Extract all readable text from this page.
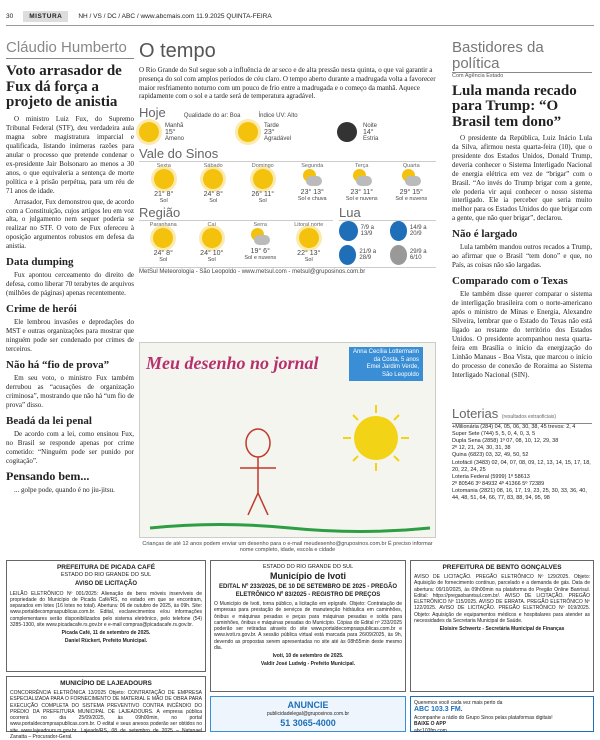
30	MISTURA	NH / VS / DC / ABC / www.abcmais.com 11.9.2025 QUINTA-FEIRA
Cláudio Humberto
Voto arrasador de Fux dá força a projeto de anistia

O ministro Luiz Fux, do Supremo Tribunal Federal (STF), deu verdadeira aula magna sobre magistratura imparcial e qualificada, listando inúmeras razões para anular o processo que pretende condenar o ex-presidente Jair Bolsonaro ao menos a 30 anos, o que equivaleria a sentença de morte política e à prisão perpétua, para um réu de 71 anos de idade.

Arrasador, Fux demonstrou que, de acordo com a Constituição, cujos artigos leu em voz alta, o julgamento nem sequer poderia se realizar no STF. O voto de Fux ofereceu à oposição argumentos robustos em defesa da anistia.

Data dumping

Fux apontou cerceamento do direito de defesa, como liberar 70 terabytes de arquivos (milhões de páginas) apenas recentemente.

Crime de herói

Ele lembrou invasões e depredações do MST e outras organizações para mostrar que ninguém pode ser condenado por crimes de terceiros.

Não há “fio de prova”

Em seu voto, o ministro Fux também derrubou as “acusações de organização criminosa”, mostrando que não há “um fio de prova” disso.

Beadá da lei penal

De acordo com a lei, como ensinou Fux, no Brasil se responde apenas por crime cometido: “Ninguém pode ser punido por cogitação”.

Pensando bem...

... golpe pode, quando é no jiu-jitsu.

O tempo
O Rio Grande do Sul segue sob a influência de ar seco e de alta pressão nesta quinta, o que vai garantir a presença do sol com amplos períodos de céu claro. O tempo aberto durante a madrugada volta a favorecer maior resfriamento noturno com um pouco de frio entre a madrugada e o começo da manhã. Aquece rapidamente com o sol e a tarde será de temperatura agradável.
Hoje	Qualidade do ar: Boa	Índice UV: Alto
Manhã
15°
Ameno
Tarde
23°
Agradável
Noite
14°
Estria
Vale do Sinos
Sexta
21° 8°
Sol
Sábado
24° 8°
Sol
Domingo
26° 11°
Sol
Segunda
23° 13°
Sol e chuva
Terça
23° 11°
Sol e nuvens
Quarta
29° 15°
Sol e nuvens
Região
Paranhana
24° 8°
Sol
Caí
24° 10°
Sol
Serra
19° 6°
Sol e nuvens
Litoral norte
22° 13°
Sol
Lua
7/9 a 13/9
14/9 a 20/9
21/9 a 28/9
29/9 a 6/10
MetSul Meteorologia - São Leopoldo - www.metsul.com - metsul@gruposinos.com.br
Meu desenho no jornal
Anna Cecília Lottermann
da Costa, 5 anos
Emei Jardim Verde,
São Leopoldo
Crianças de até 12 anos podem enviar um desenho para o e-mail meudesenho@gruposinos.com.br É preciso informar nome completo, idade, escola e cidade
Bastidores da política
Com Agência Estado
Lula manda recado para Trump: “O Brasil tem dono”

O presidente da República, Luiz Inácio Lula da Silva, afirmou nesta quarta-feira (10), que o presidente dos Estados Unidos, Donald Trump, deveria conhecer o Sistema Interligado Nacional de energia elétrica em vez de “brigar” com o Brasil. “Ao invés do Trump brigar com a gente, ele poderia vir aqui conhecer o nosso sistema interligado. Ele ia perceber que seria muito melhor para os Estados Unidos do que brigar com a gente, que não quer brigar”, declarou.

Não é largado

Lula também mandou outros recados a Trump, ao afirmar que o Brasil “tem dono” e que, no País, as coisas não são largadas.

Comparado com o Texas

Ele também disse querer comparar o sistema de interligação brasileira com o norte-americano após o ministro de Minas e Energia, Alexandre Silveira, lembrar que o Estado do Texas não está ligado ao restante do território dos Estados Unidos. O presidente acompanhou nesta quarta-feira em Brasília o início da energização do Linhão Manaus - Boa Vista, que marcou o início do processo de conexão de Roraima ao Sistema Interligado Nacional (SIN).

Loterias (resultados extraoficiais)
+Milionária (284) 04, 05, 06, 30, 38, 45 trevos: 2, 4
Super Sete (744) 5, 5, 0, 4, 0, 3, 5
Dupla Sena (2858) 1º 07, 08, 10, 12, 29, 38
2º 12, 21, 24, 30, 31, 38
Quina (6823) 03, 32, 49, 50, 52
Lotofácil (3483) 02, 04, 07, 08, 09, 12, 13, 14, 15, 17, 18, 20, 22, 24, 25
Loteria Federal (5999) 1º 58613
2º 80546 3º 84932 4º 41366 5º 72389
Lotomania (2821) 08, 16, 17, 19, 23, 25, 30, 33, 36, 40, 44, 48, 51, 64, 66, 77, 83, 88, 94, 95, 98
PREFEITURA DE PICADA CAFÉ
ESTADO DO RIO GRANDE DO SUL
AVISO DE LICITAÇÃO

LEILÃO ELETRÔNICO Nº 001/2025: Alienação de bens móveis inservíveis de propriedade do Município de Picada Café/RS, no estado em que se encontram, separados em lotes (16 lotes no total). Abertura: 06 de outubro de 2025, às 09h. Site: www.portaldecompraspublicas.com.br. Edital, esclarecimentos e/ou informações complementares serão disponibilizados pelo sistema eletrônico, pelo telefone (54) 3285-1300, site www.picadacafe.rs.gov.br e e-mail compras@picadacafe.rs.gov.br.

Picada Café, 11 de setembro de 2025.
Daniel Rückert, Prefeito Municipal.
ESTADO DO RIO GRANDE DO SUL
Município de Ivoti
EDITAL Nº 233/2025, DE 10 DE SETEMBRO DE 2025 - PREGÃO ELETRÔNICO Nº 83/2025 - REGISTRO DE PREÇOS

O Município de Ivoti, torna público, a licitação em epígrafe. Objeto: Contratação de empresas para prestação de serviços de manutenção hidráulica em caminhões, ônibus e máquinas pesadas e peças para máquinas pesadas e solda para caminhões, ônibus e máquinas pesadas do Município. Cópias do Edital nº 233/2025 poderão ser retiradas através do site www.portaldecompraspublicas.com.br e www.ivoti.rs.gov.br. A sessão pública virtual está marcada para 26/09/2025, às 9h, devendo as propostas serem apresentadas no site até às 08h55min deste mesmo dia.

Ivoti, 10 de setembro de 2025.
Valdir José Ludwig - Prefeito Municipal.
PREFEITURA DE BENTO GONÇALVES

AVISO DE LICITAÇÃO. PREGÃO ELETRÔNICO Nº 129/2025. Objeto: Aquisição de fornecimento contínuo, parcelado e a demanda de gás. Data de abertura: 09/10/2025, às 09h00min na plataforma do Pregão Online Banrisul. Edital: https://pregaobanrisul.com.br/. AVISO DE LICITAÇÃO. PREGÃO ELETRÔNICO Nº 115/2025. AVISO DE ERRATA. PREGÃO ELETRÔNICO Nº 122/2025. AVISO DE LICITAÇÃO. PREGÃO ELETRÔNICO Nº 019/2025. Objeto: Aquisição de equipamentos médicos e hospitalares para atender as necessidades da Secretaria Municipal de Saúde.

Eloisire Schwertz - Secretária Municipal de Finanças
MUNICÍPIO DE LAJEADOURS

CONCORRÊNCIA ELETRÔNICA 13/2025 Objeto: CONTRATAÇÃO DE EMPRESA ESPECIALIZADA PARA O FORNECIMENTO DE MATERIAL E MÃO DE OBRA PARA EXECUÇÃO COMPLETA DO SISTEMA PREVENTIVO CONTRA INCÊNDIO DO PRÉDIO DA PREFEITURA MUNICIPAL DE LAJEADOURS. A empresa pública ocorrerá no dia 25/09/2025, às 09h00min, no portal www.portaldecompraspublicas.com.br. O edital e seus anexos poderão ser obtidos no site www.lajeadours.rs.gov.br. Lajeado/RS, 08 de setembro de 2025 – Natanael Zanatta – Procurador-Geral.

ANUNCIE
publicidadelegal@gruposinos.com.br
51 3065-4000
Queremos você cada vez mais perto da
ABC 103.3 FM.
Acompanhe a rádio do Grupo Sinos pelas plataformas digitais!
BAIXE O APP
abc103fm.com
